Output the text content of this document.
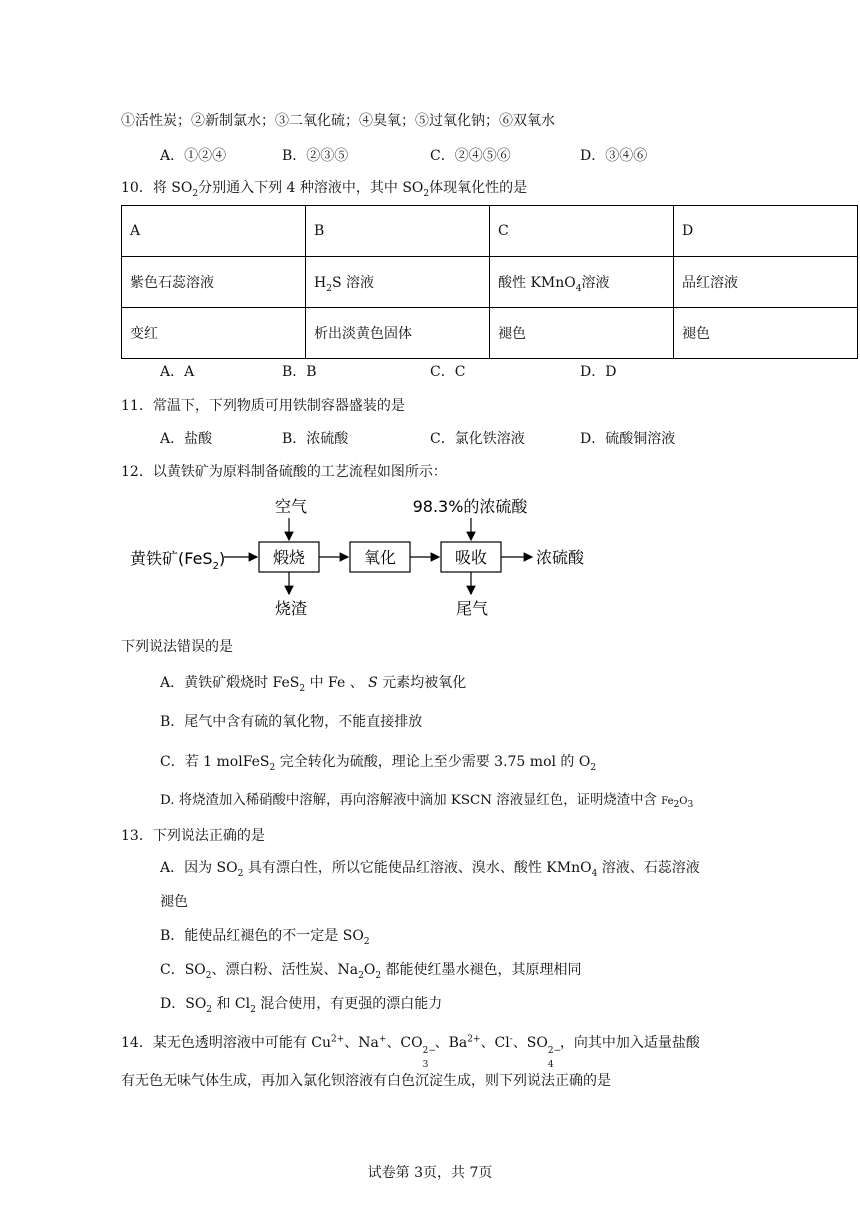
①活性炭；②新制氯水；③二氧化硫；④臭氧；⑤过氧化钠；⑥双氧水
A．①②④	B．②③⑤	C．②④⑤⑥	D．③④⑥
10．将 $SO_2$分别通入下列 4 种溶液中，其中 $SO_2$体现氧化性的是
A	B	C	D
紫色石蕊溶液	$H_2S$ 溶液	酸性 KMnO$_4$溶液	品红溶液
变红	析出淡黄色固体	褪色	褪色
A．A	B．B	C．C	D．D
11．常温下，下列物质可用铁制容器盛装的是
A．盐酸	B．浓硫酸	C．氯化铁溶液	D．硫酸铜溶液
12．以黄铁矿为原料制备硫酸的工艺流程如图所示：
空气	98.3%的浓硫酸
黄铁矿(FeS$_2$)	煅烧	氧化	吸收	浓硫酸
烧渣	尾气
下列说法错误的是
A．黄铁矿煅烧时 FeS$_2$ 中 Fe 、 S 元素均被氧化
B．尾气中含有硫的氧化物，不能直接排放
C．若 1 molFeS$_2$ 完全转化为硫酸，理论上至少需要 3.75 mol 的 $O_2$
D. 将烧渣加入稀硝酸中溶解，再向溶解液中滴加 KSCN 溶液显红色，证明烧渣中含 $Fe_2O_3$
13．下列说法正确的是
A．因为 $SO_2$ 具有漂白性，所以它能使品红溶液、溴水、酸性 KMnO$_4$ 溶液、石蕊溶液
褪色
B．能使品红褪色的不一定是 $SO_2$
C．$SO_2$、漂白粉、活性炭、$Na_2O_2$ 都能使红墨水褪色，其原理相同
D．$SO_2$ 和 $Cl_2$ 混合使用，有更强的漂白能力
14．某无色透明溶液中可能有 $Cu^{2+}$、Na+、CO 2−
3
、$Ba^{2+}$、Cl-、SO 2−
4
，向其中加入适量盐酸
有无色无味气体生成，再加入氯化钡溶液有白色沉淀生成，则下列说法正确的是
试卷第 3页，共 7页
